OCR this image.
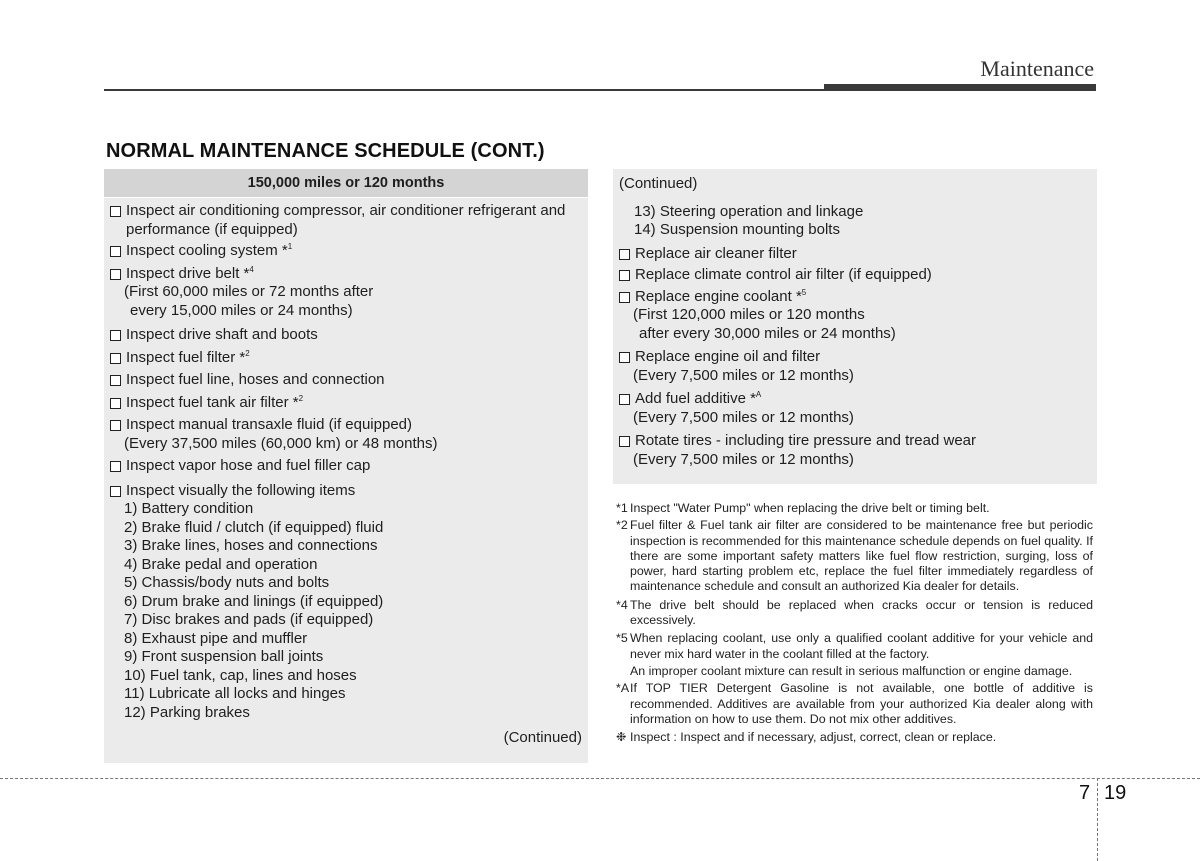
Maintenance
NORMAL MAINTENANCE SCHEDULE (CONT.)
150,000 miles or 120 months
Inspect air conditioning compressor, air conditioner refrigerant and performance (if equipped)
Inspect cooling system *$^1$
Inspect drive belt *$^4$
(First 60,000 miles or 72 months after
every 15,000 miles or 24 months)
Inspect drive shaft and boots
Inspect fuel filter *$^2$
Inspect fuel line, hoses and connection
Inspect fuel tank air filter *$^2$
Inspect manual transaxle fluid (if equipped)
(Every 37,500 miles (60,000 km) or 48 months)
Inspect vapor hose and fuel filler cap
Inspect visually the following items
1) Battery condition
2) Brake fluid / clutch (if equipped) fluid
3) Brake lines, hoses and connections
4) Brake pedal and operation
5) Chassis/body nuts and bolts
6) Drum brake and linings (if equipped)
7) Disc brakes and pads (if equipped)
8) Exhaust pipe and muffler
9) Front suspension ball joints
10) Fuel tank, cap, lines and hoses
11) Lubricate all locks and hinges
12) Parking brakes
(Continued)
(Continued)
13) Steering operation and linkage
14) Suspension mounting bolts
Replace air cleaner filter
Replace climate control air filter (if equipped)
Replace engine coolant *$^5$
(First 120,000 miles or 120 months
after every 30,000 miles or 24 months)
Replace engine oil and filter
(Every 7,500 miles or 12 months)
Add fuel additive *$^A$
(Every 7,500 miles or 12 months)
Rotate tires - including tire pressure and tread wear
(Every 7,500 miles or 12 months)
*1 Inspect "Water Pump" when replacing the drive belt or timing belt.
*2 Fuel filter & Fuel tank air filter are considered to be maintenance free but periodic inspection is recommended for this maintenance schedule depends on fuel quality. If there are some important safety matters like fuel flow restriction, surging, loss of power, hard starting problem etc, replace the fuel filter immediately regardless of maintenance schedule and consult an authorized Kia dealer for details.
*4 The drive belt should be replaced when cracks occur or tension is reduced excessively.
*5 When replacing coolant, use only a qualified coolant additive for your vehicle and never mix hard water in the coolant filled at the factory.
An improper coolant mixture can result in serious malfunction or engine damage.
*A If TOP TIER Detergent Gasoline is not available, one bottle of additive is recommended. Additives are available from your authorized Kia dealer along with information on how to use them. Do not mix other additives.
❉ Inspect : Inspect and if necessary, adjust, correct, clean or replace.
7 19
